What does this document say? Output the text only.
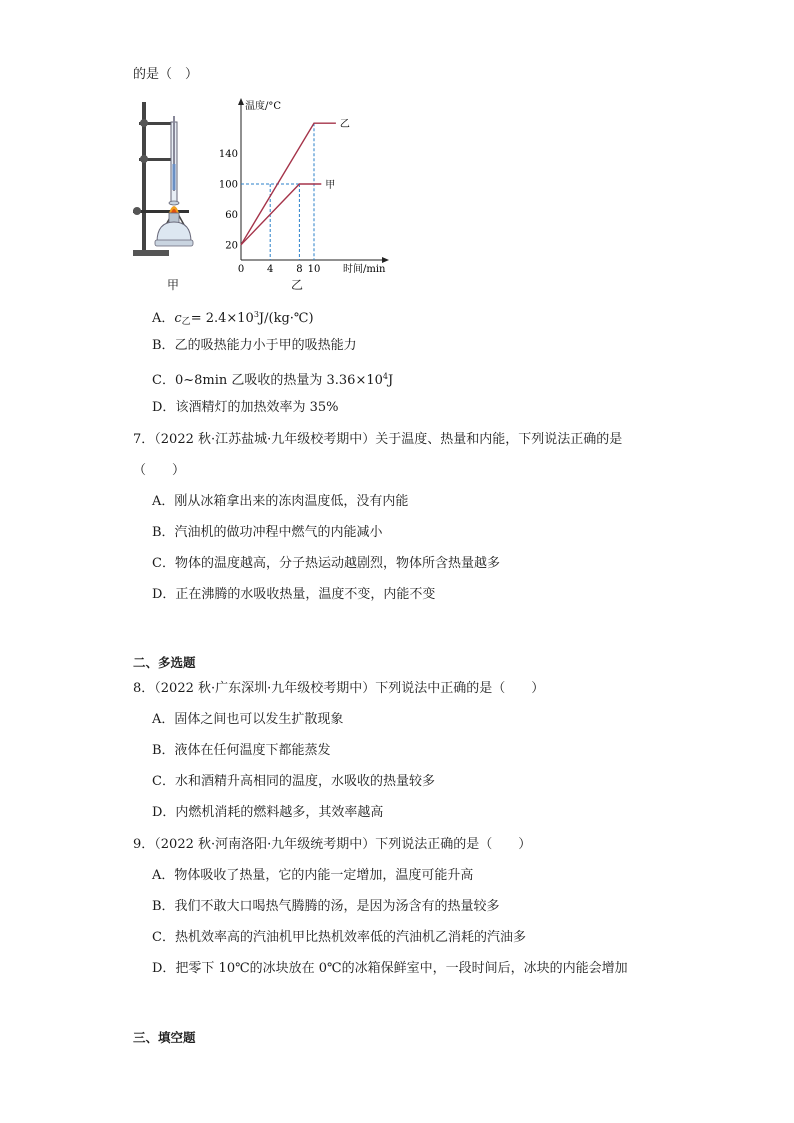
的是（　）
温度/°C
时间/min
20
60
100
140
0 4 8 10
乙
甲
甲	乙
A．$c_乙=$ $2.4\times 10^3J/(kg\cdot℃)$
B．乙的吸热能力小于甲的吸热能力
C．0~8min 乙吸收的热量为 $3.36\times 10^4J$
D．该酒精灯的加热效率为 35%
7．（2022 秋·江苏盐城·九年级校考期中）关于温度、热量和内能，下列说法正确的是
（　　）
A．刚从冰箱拿出来的冻肉温度低，没有内能
B．汽油机的做功冲程中燃气的内能减小
C．物体的温度越高，分子热运动越剧烈，物体所含热量越多
D．正在沸腾的水吸收热量，温度不变，内能不变
二、多选题
8．（2022 秋·广东深圳·九年级校考期中）下列说法中正确的是（　　）
A．固体之间也可以发生扩散现象
B．液体在任何温度下都能蒸发
C．水和酒精升高相同的温度，水吸收的热量较多
D．内燃机消耗的燃料越多，其效率越高
9．（2022 秋·河南洛阳·九年级统考期中）下列说法正确的是（　　）
A．物体吸收了热量，它的内能一定增加，温度可能升高
B．我们不敢大口喝热气腾腾的汤，是因为汤含有的热量较多
C．热机效率高的汽油机甲比热机效率低的汽油机乙消耗的汽油多
D．把零下 10℃的冰块放在 0℃的冰箱保鲜室中，一段时间后，冰块的内能会增加
三、填空题
